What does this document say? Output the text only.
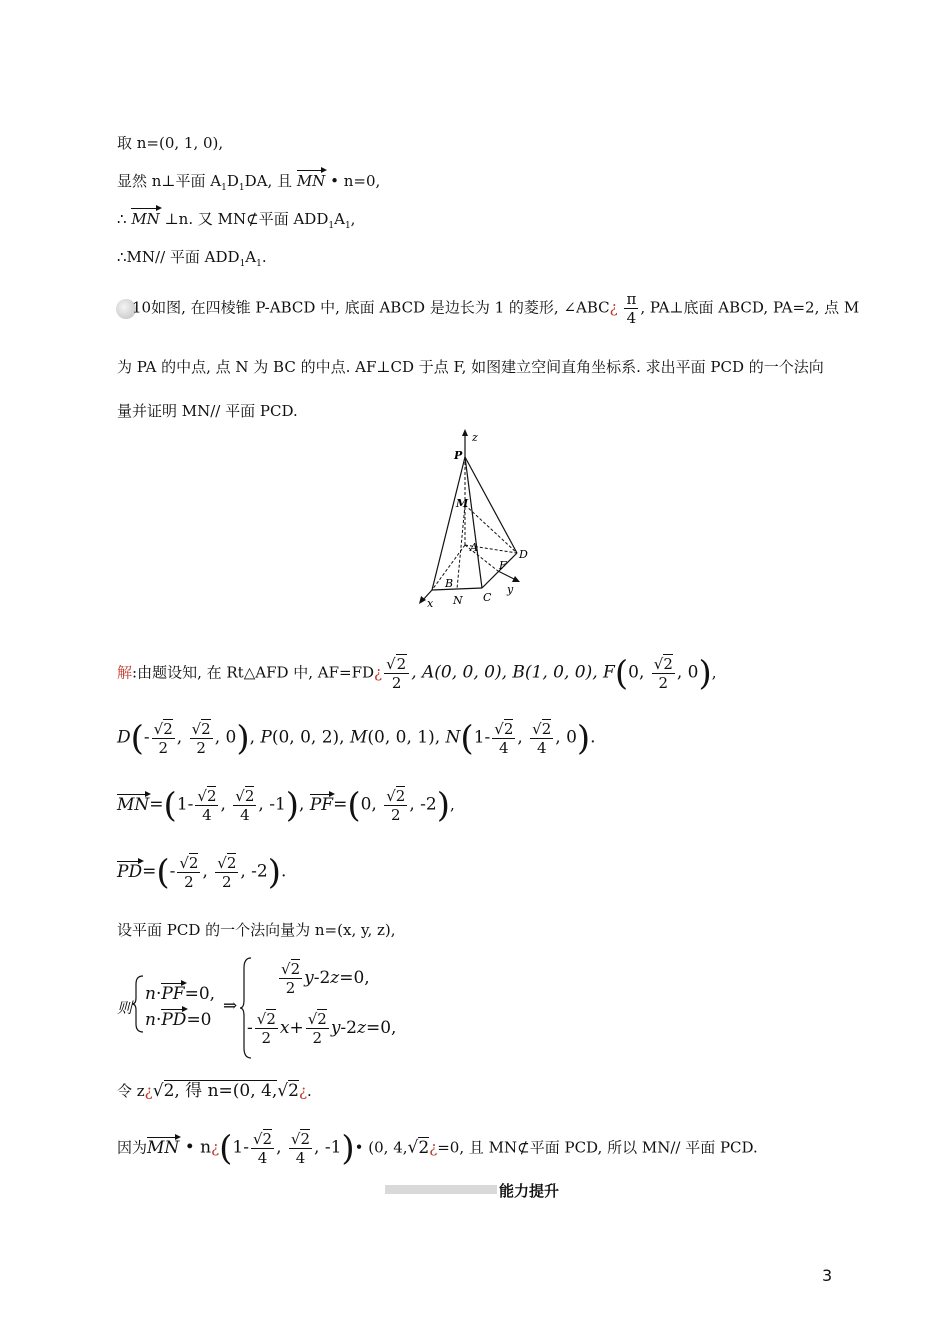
取 n=(0, 1, 0),
显然 n⊥平面 $A_1D_1DA$, 且 MN • n=0,
∴ MN ⊥n. 又 MN⊄平面 $ADD_1A_1$,
∴MN// 平面 $ADD_1A_1$.
10如图, 在四棱锥 P-ABCD 中, 底面 ABCD 是边长为 1 的菱形, ∠ABC¿ $\frac{\pi}{4}$ , PA⊥底面 ABCD, PA=2, 点 M
为 PA 的中点, 点 N 为 BC 的中点. AF⊥CD 于点 F, 如图建立空间直角坐标系. 求出平面 PCD 的一个法向
量并证明 MN// 平面 PCD.
z
P
M
A
D
F
B
N C
x
y
解:由题设知, 在 Rt△AFD 中, AF=FD¿ $\frac{√2}{2}$ , A(0, 0, 0), B(1, 0, 0), F(0, $\frac{√2}{2}$ , 0),
$D(- \frac{√2}{2}$ , $\frac{√2}{2}$ , 0), P(0, 0, 2), M(0, 0, 1), $N(1- \frac{√2}{4}$ , $\frac{√2}{4}$ , 0).
$MN=(1- \frac{√2}{4}$ , $\frac{√2}{4}$ , -1), PF=(0, $\frac{√2}{2}$ , -2),
$PD=(- \frac{√2}{2}$ , $\frac{√2}{2}$ , -2).
设平面 PCD 的一个法向量为 n=(x, y, z),
则
n·PF=0,
n·PD=0
⇒
$\frac{√2}{2} y-2z=0$,
- $\frac{√2}{2} x+ \frac{√2}{2} y-2z=0$,
令 z¿√2, 得 n=(0, 4,√2¿.
因为MN • n¿(1- $\frac{√2}{4}$ , $\frac{√2}{4}$ , -1)• (0, 4,√2¿=0, 且 MN⊄平面 PCD, 所以 MN// 平面 PCD.
能力提升
3
